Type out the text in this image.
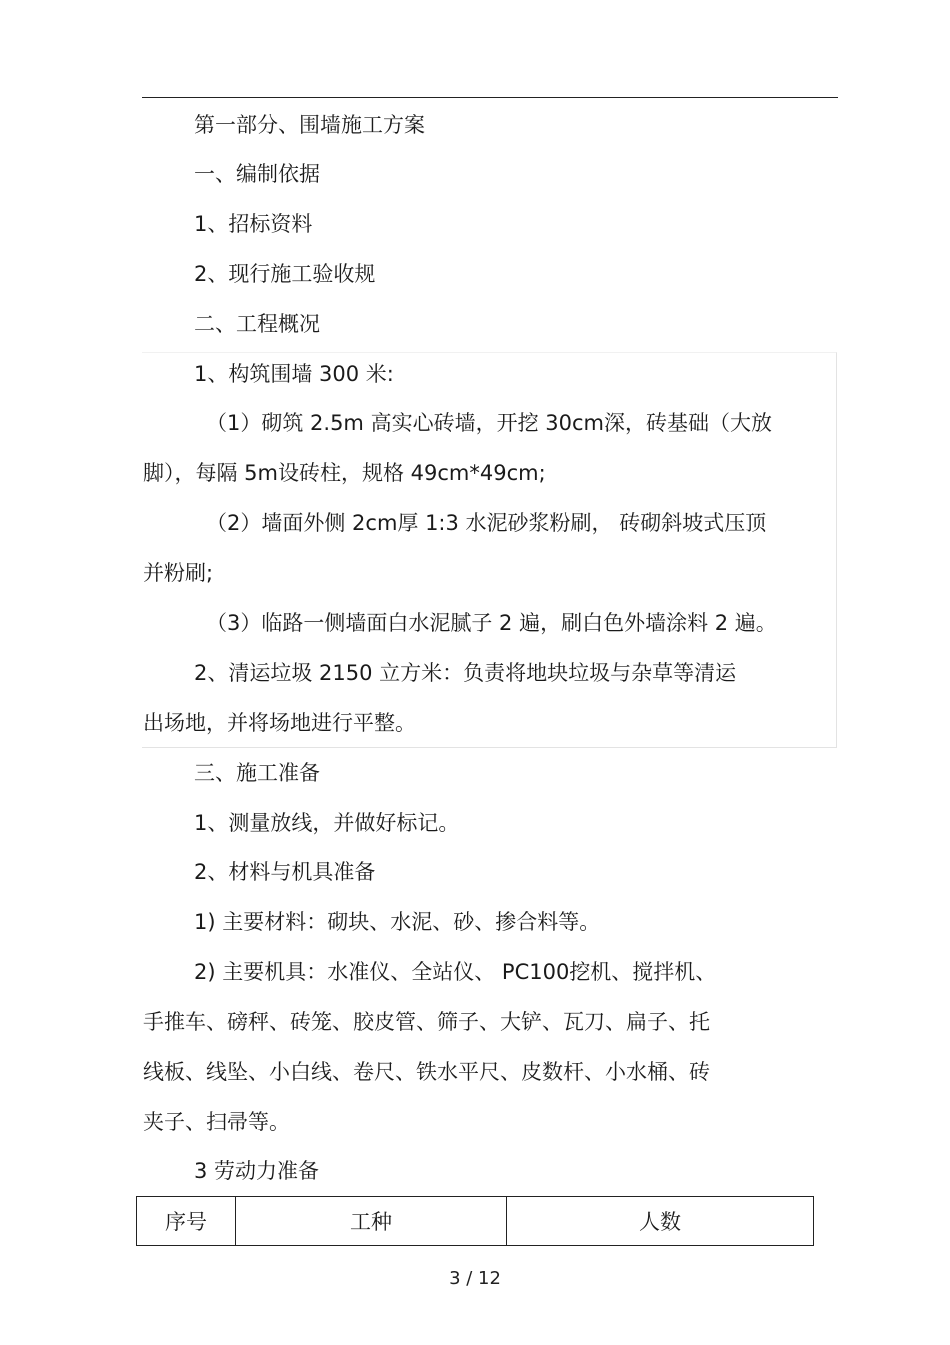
第一部分、围墙施工方案
一、编制依据
1、招标资料
2、现行施工验收规
二、工程概况
1、构筑围墙 300 米:
（1）砌筑 2.5m 高实心砖墙，开挖 30cm深，砖基础（大放
脚），每隔 5m设砖柱，规格 49cm*49cm;
（2）墙面外侧 2cm厚 1:3 水泥砂浆粉刷， 砖砌斜坡式压顶
并粉刷;
（3）临路一侧墙面白水泥腻子 2 遍，刷白色外墙涂料 2 遍。
2、清运垃圾 2150 立方米：负责将地块垃圾与杂草等清运
出场地，并将场地进行平整。
三、施工准备
1、测量放线，并做好标记。
2、材料与机具准备
1) 主要材料：砌块、水泥、砂、掺合料等。
2) 主要机具：水准仪、全站仪、 PC100挖机、搅拌机、
手推车、磅秤、砖笼、胶皮管、筛子、大铲、瓦刀、扁子、托
线板、线坠、小白线、卷尺、铁水平尺、皮数杆、小水桶、砖
夹子、扫帚等。
3 劳动力准备
序号	工种	人数
3 / 12
